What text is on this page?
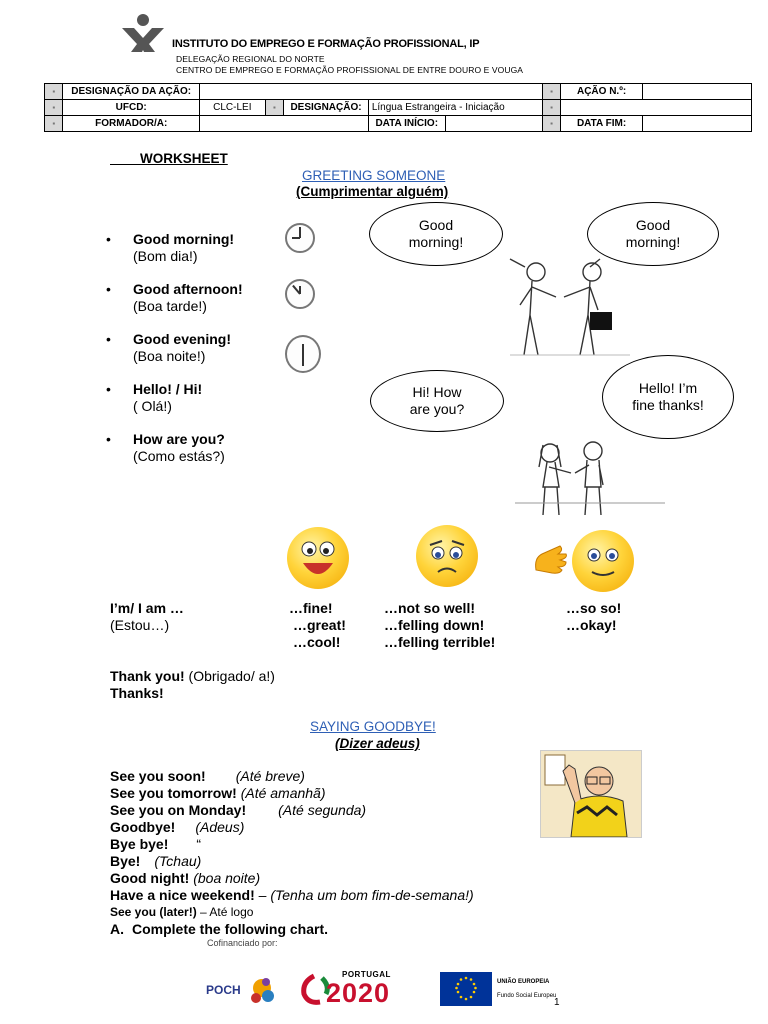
INSTITUTO DO EMPREGO E FORMAÇÃO PROFISSIONAL, IP
DELEGAÇÃO REGIONAL DO NORTE
CENTRO DE EMPREGO E FORMAÇÃO PROFISSIONAL DE ENTRE DOURO E VOUGA
▪	DESIGNAÇÃO DA AÇÃO:						▪	AÇÃO N.º:	
▪	UFCD:	CLC-LEI	▪	DESIGNAÇÃO:	Língua Estrangeira - Iniciação		▪		
▪	FORMADOR/A:				DATA INÍCIO:		▪	DATA FIM:	
WORKSHEET
GREETING SOMEONE
(Cumprimentar alguém)
• Good morning!
(Bom dia!)
• Good afternoon!
(Boa tarde!)
• Good evening!
(Boa noite!)
• Hello! / Hi!
( Olá!)
• How are you?
(Como estás?)
Good morning!
Good morning!
Hi! How are you?
Hello! I’m fine thanks!
I’m/ I am …
(Estou…)
…fine!
…great!
…cool!
…not so well!
…felling down!
…felling terrible!
…so so!
…okay!
Thank you! (Obrigado/ a!)
Thanks!
SAYING GOODBYE!
(Dizer adeus)
See you soon! (Até breve)
See you tomorrow! (Até amanhã)
See you on Monday! (Até segunda)
Goodbye! (Adeus)
Bye bye! “
Bye! (Tchau)
Good night! (boa noite)
Have a nice weekend! – (Tenha um bom fim-de-semana!)
See you (later!) – Até logo
A. Complete the following chart.
Cofinanciado por:
POCH
PORTUGAL
2020	UNIÃO EUROPEIA
Fundo Social Europeu
1
